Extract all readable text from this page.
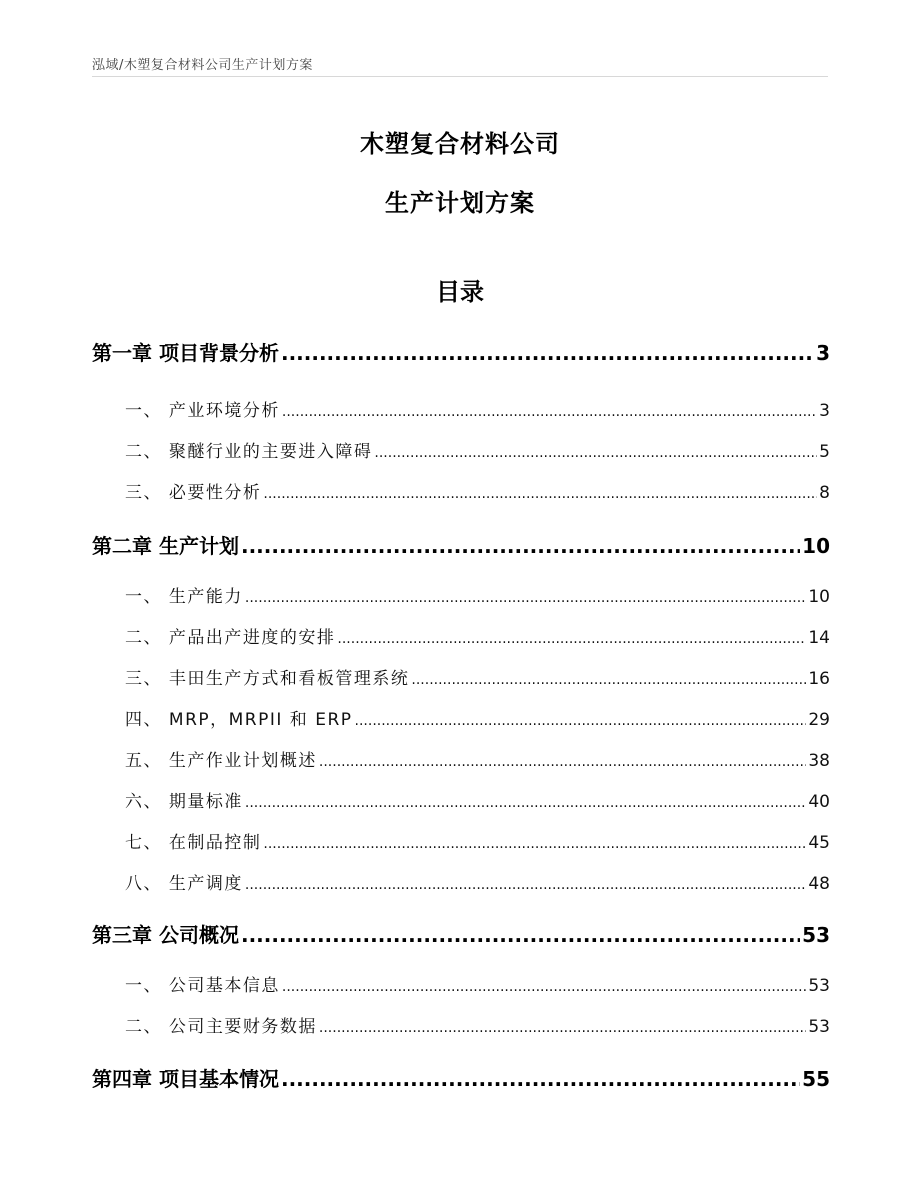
泓域/木塑复合材料公司生产计划方案
木塑复合材料公司
生产计划方案
目录
第一章 项目背景分析 .....	3
一、 产业环境分析 .....	3
二、 聚醚行业的主要进入障碍 .....	5
三、 必要性分析 .....	8
第二章 生产计划 .....	10
一、 生产能力 .....	10
二、 产品出产进度的安排 .....	14
三、 丰田生产方式和看板管理系统 .....	16
四、 MRP，MRPII 和 ERP .....	29
五、 生产作业计划概述 .....	38
六、 期量标准 .....	40
七、 在制品控制 .....	45
八、 生产调度 .....	48
第三章 公司概况 .....	53
一、 公司基本信息 .....	53
二、 公司主要财务数据 .....	53
第四章 项目基本情况 .....	55
